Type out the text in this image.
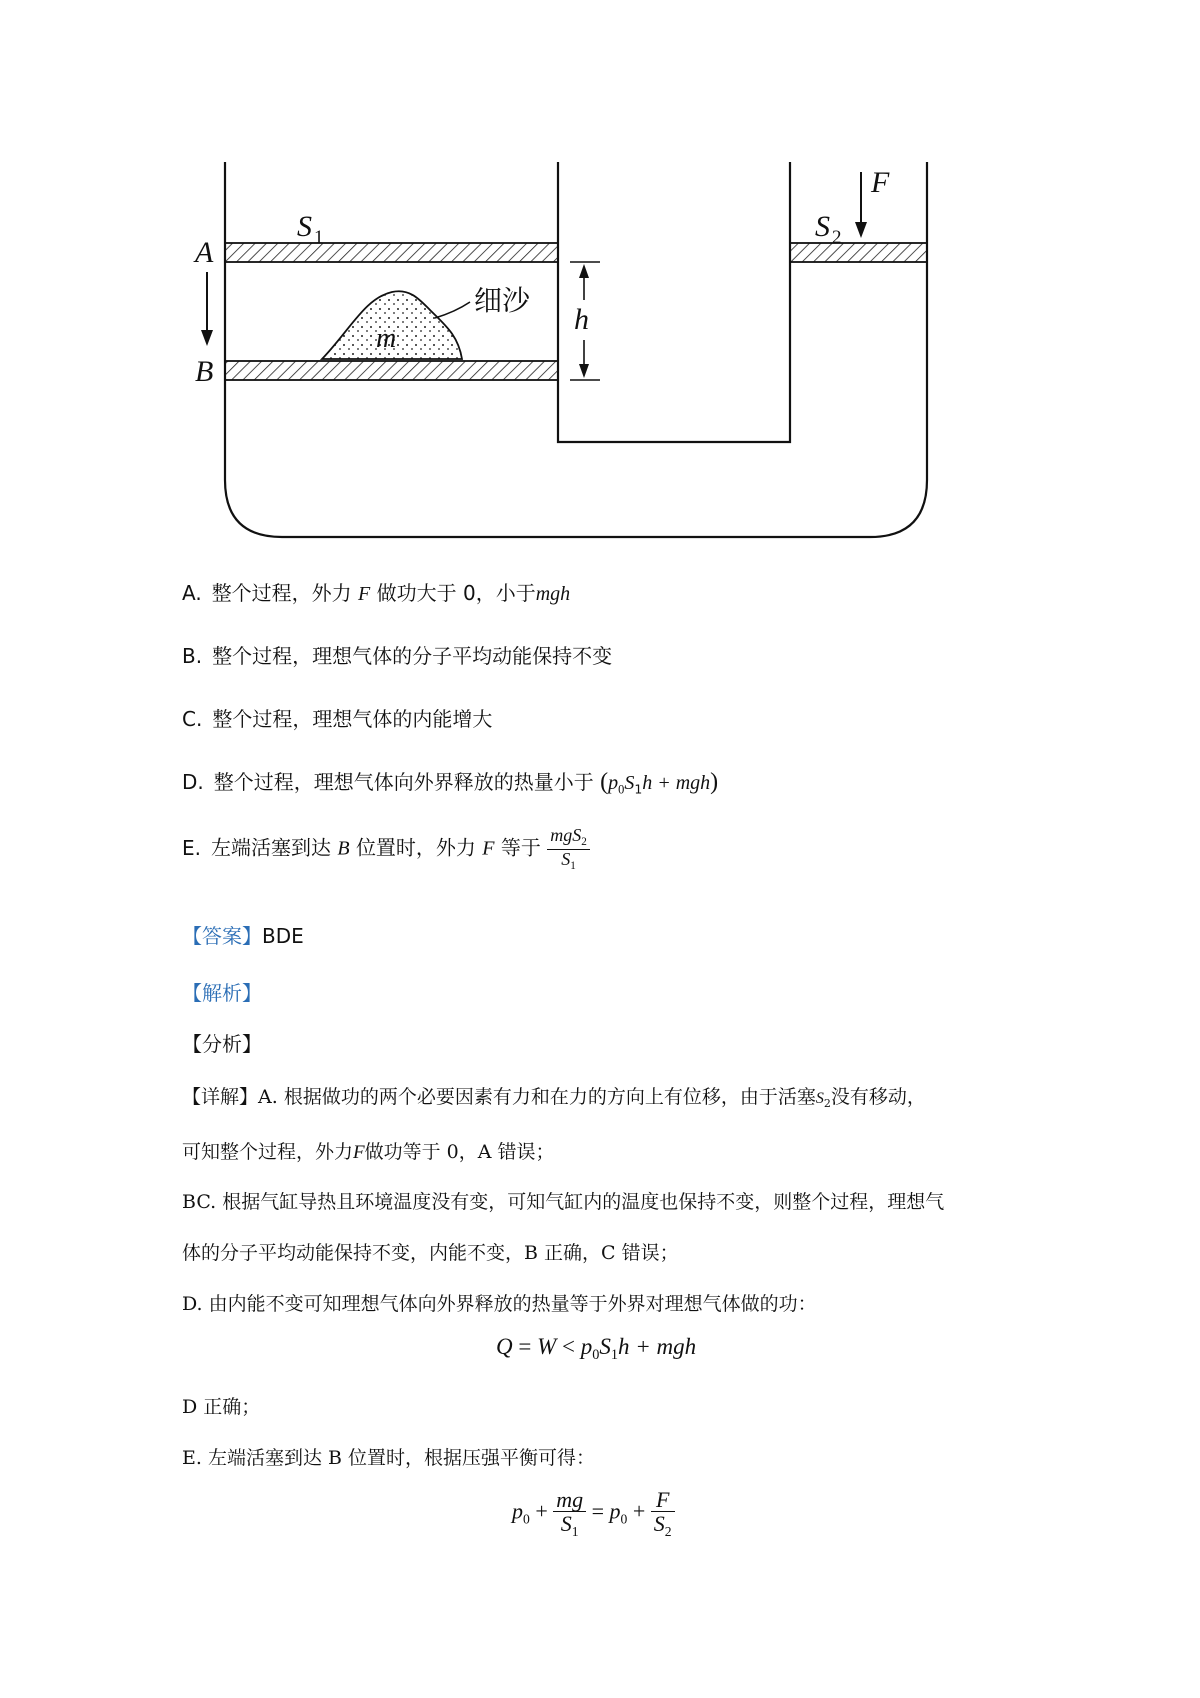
S 1	S 2
F
A
B
h
m
细沙
A. 整个过程，外力 F 做功大于 0，小于mgh
B. 整个过程，理想气体的分子平均动能保持不变
C. 整个过程，理想气体的内能增大
D. 整个过程，理想气体向外界释放的热量小于 $(p_0S_1h + mgh)$
E. 左端活塞到达 B 位置时，外力 F 等于 $\frac{mgS_2}{S_1}$
【答案】BDE
【解析】
【分析】
【详解】A. 根据做功的两个必要因素有力和在力的方向上有位移，由于活塞$S_2$没有移动，
可知整个过程，外力F做功等于 0，A 错误；
BC. 根据气缸导热且环境温度没有变，可知气缸内的温度也保持不变，则整个过程，理想气
体的分子平均动能保持不变，内能不变，B 正确，C 错误；
D. 由内能不变可知理想气体向外界释放的热量等于外界对理想气体做的功：
$Q = W < p_0S_1h$ + mgh
D 正确；
E. 左端活塞到达 B 位置时，根据压强平衡可得：
$p_0 + \frac{mg}{S_1} = p_0 + \frac{F}{S_2}$
